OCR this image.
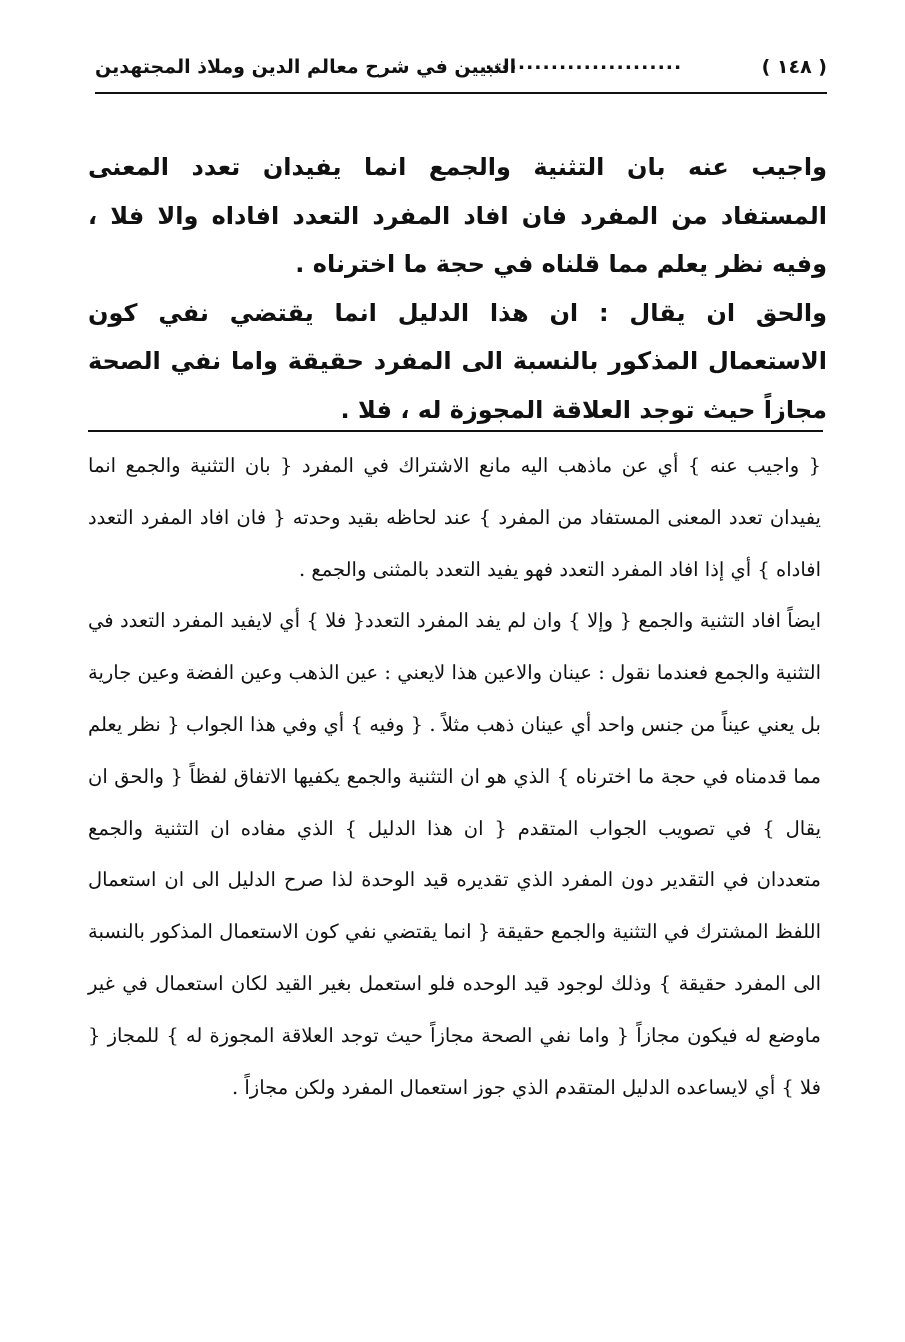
( ١٤٨ )
........................
التبيين في شرح معالم الدين وملاذ المجتهدين

واجيب عنه بان التثنية والجمع انما يفيدان تعدد المعنى المستفاد من المفرد فان افاد المفرد التعدد افاداه والا فلا ، وفيه نظر يعلم مما قلناه في حجة ما اخترناه .

والحق ان يقال : ان هذا الدليل انما يقتضي نفي كون الاستعمال المذكور بالنسبة الى المفرد حقيقة واما نفي الصحة مجازاً حيث توجد العلاقة المجوزة له ، فلا .

{ واجيب عنه } أي عن ماذهب اليه مانع الاشتراك في المفرد { بان التثنية والجمع انما يفيدان تعدد المعنى المستفاد من المفرد } عند لحاظه بقيد وحدته { فان افاد المفرد التعدد افاداه } أي إذا افاد المفرد التعدد فهو يفيد التعدد بالمثنى والجمع .

ايضاً افاد التثنية والجمع { وإلا } وان لم يفد المفرد التعدد{ فلا } أي لايفيد المفرد التعدد في التثنية والجمع فعندما نقول : عينان والاعين هذا لايعني : عين الذهب وعين الفضة وعين جارية بل يعني عيناً من جنس واحد أي عينان ذهب مثلاً . { وفيه } أي وفي هذا الجواب { نظر يعلم مما قدمناه في حجة ما اخترناه } الذي هو ان التثنية والجمع يكفيها الاتفاق لفظاً { والحق ان يقال } في تصويب الجواب المتقدم { ان هذا الدليل } الذي مفاده ان التثنية والجمع متعددان في التقدير دون المفرد الذي تقديره قيد الوحدة لذا صرح الدليل الى ان استعمال اللفظ المشترك في التثنية والجمع حقيقة { انما يقتضي نفي كون الاستعمال المذكور بالنسبة الى المفرد حقيقة } وذلك لوجود قيد الوحده فلو استعمل بغير القيد لكان استعمال في غير ماوضع له فيكون مجازاً { واما نفي الصحة مجازاً حيث توجد العلاقة المجوزة له } للمجاز { فلا } أي لايساعده الدليل المتقدم الذي جوز استعمال المفرد ولكن مجازاً .
